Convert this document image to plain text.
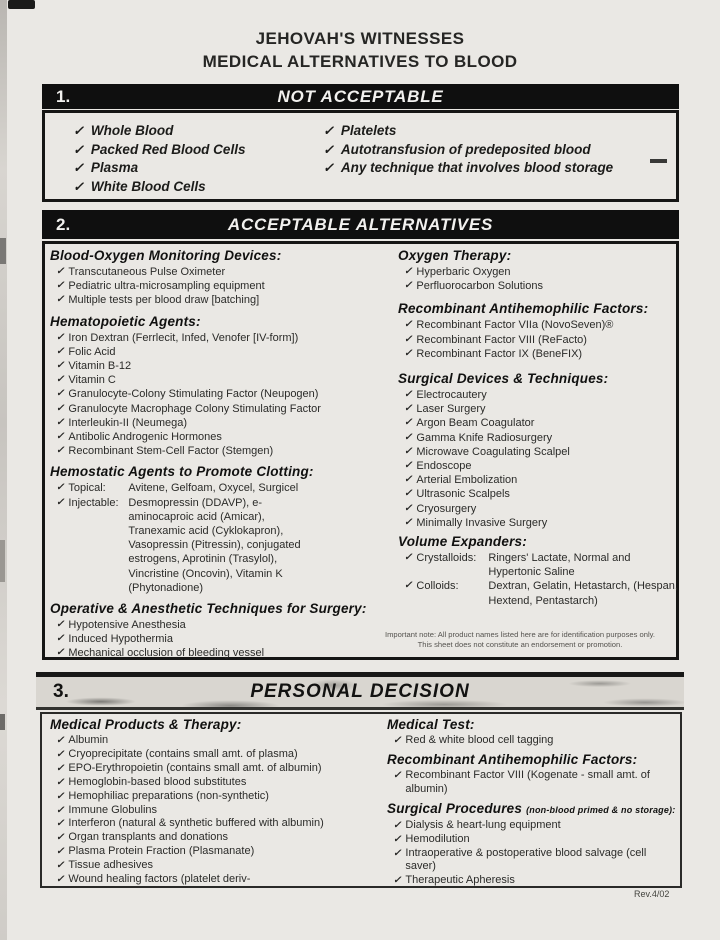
JEHOVAH'S WITNESSES
MEDICAL ALTERNATIVES TO BLOOD
1.	NOT ACCEPTABLE
✓ Whole Blood
✓ Packed Red Blood Cells
✓ Plasma
✓ White Blood Cells
✓ Platelets
✓ Autotransfusion of predeposited blood
✓ Any technique that involves blood storage
2.	ACCEPTABLE ALTERNATIVES
Blood-Oxygen Monitoring Devices:
✓ Transcutaneous Pulse Oximeter
✓ Pediatric ultra-microsampling equipment
✓ Multiple tests per blood draw [batching]
Hematopoietic Agents:
✓ Iron Dextran (Ferrlecit, Infed, Venofer [IV-form])
✓ Folic Acid
✓ Vitamin B-12
✓ Vitamin C
✓ Granulocyte-Colony Stimulating Factor (Neupogen)
✓ Granulocyte Macrophage Colony Stimulating Factor
✓ Interleukin-II (Neumega)
✓ Antibolic Androgenic Hormones
✓ Recombinant Stem-Cell Factor (Stemgen)
Hemostatic Agents to Promote Clotting:
✓ Topical:	Avitene, Gelfoam, Oxycel, Surgicel
✓ Injectable: Desmopressin (DDAVP), e-aminocaproic acid (Amicar), Tranexamic acid (Cyklokapron), Vasopressin (Pitressin), conjugated estrogens, Aprotinin (Trasylol), Vincristine (Oncovin), Vitamin K (Phytonadione)
Operative & Anesthetic Techniques for Surgery:
✓ Hypotensive Anesthesia
✓ Induced Hypothermia
✓ Mechanical occlusion of bleeding vessel
Oxygen Therapy:
✓ Hyperbaric Oxygen
✓ Perfluorocarbon Solutions
Recombinant Antihemophilic Factors:
✓ Recombinant Factor VIIa (NovoSeven)®
✓ Recombinant Factor VIII (ReFacto)
✓ Recombinant Factor IX (BeneFIX)
Surgical Devices & Techniques:
✓ Electrocautery
✓ Laser Surgery
✓ Argon Beam Coagulator
✓ Gamma Knife Radiosurgery
✓ Microwave Coagulating Scalpel
✓ Endoscope
✓ Arterial Embolization
✓ Ultrasonic Scalpels
✓ Cryosurgery
✓ Minimally Invasive Surgery
Volume Expanders:
✓ Crystalloids:	Ringers' Lactate, Normal and Hypertonic Saline
✓ Colloids:	Dextran, Gelatin, Hetastarch, (Hespan, Hextend, Pentastarch)
Important note: All product names listed here are for identification purposes only.
This sheet does not constitute an endorsement or promotion.
3.	PERSONAL DECISION
Medical Products & Therapy:
✓ Albumin
✓ Cryoprecipitate (contains small amt. of plasma)
✓ EPO-Erythropoietin (contains small amt. of albumin)
✓ Hemoglobin-based blood substitutes
✓ Hemophiliac preparations (non-synthetic)
✓ Immune Globulins
✓ Interferon (natural & synthetic buffered with albumin)
✓ Organ transplants and donations
✓ Plasma Protein Fraction (Plasmanate)
✓ Tissue adhesives
✓ Wound healing factors (platelet deriv-
Medical Test:
✓ Red & white blood cell tagging
Recombinant Antihemophilic Factors:
✓ Recombinant Factor VIII (Kogenate - small amt. of albumin)
Surgical Procedures (non-blood primed & no storage):
✓ Dialysis & heart-lung equipment
✓ Hemodilution
✓ Intraoperative & postoperative blood salvage (cell saver)
✓ Therapeutic Apheresis
Rev.4/02
